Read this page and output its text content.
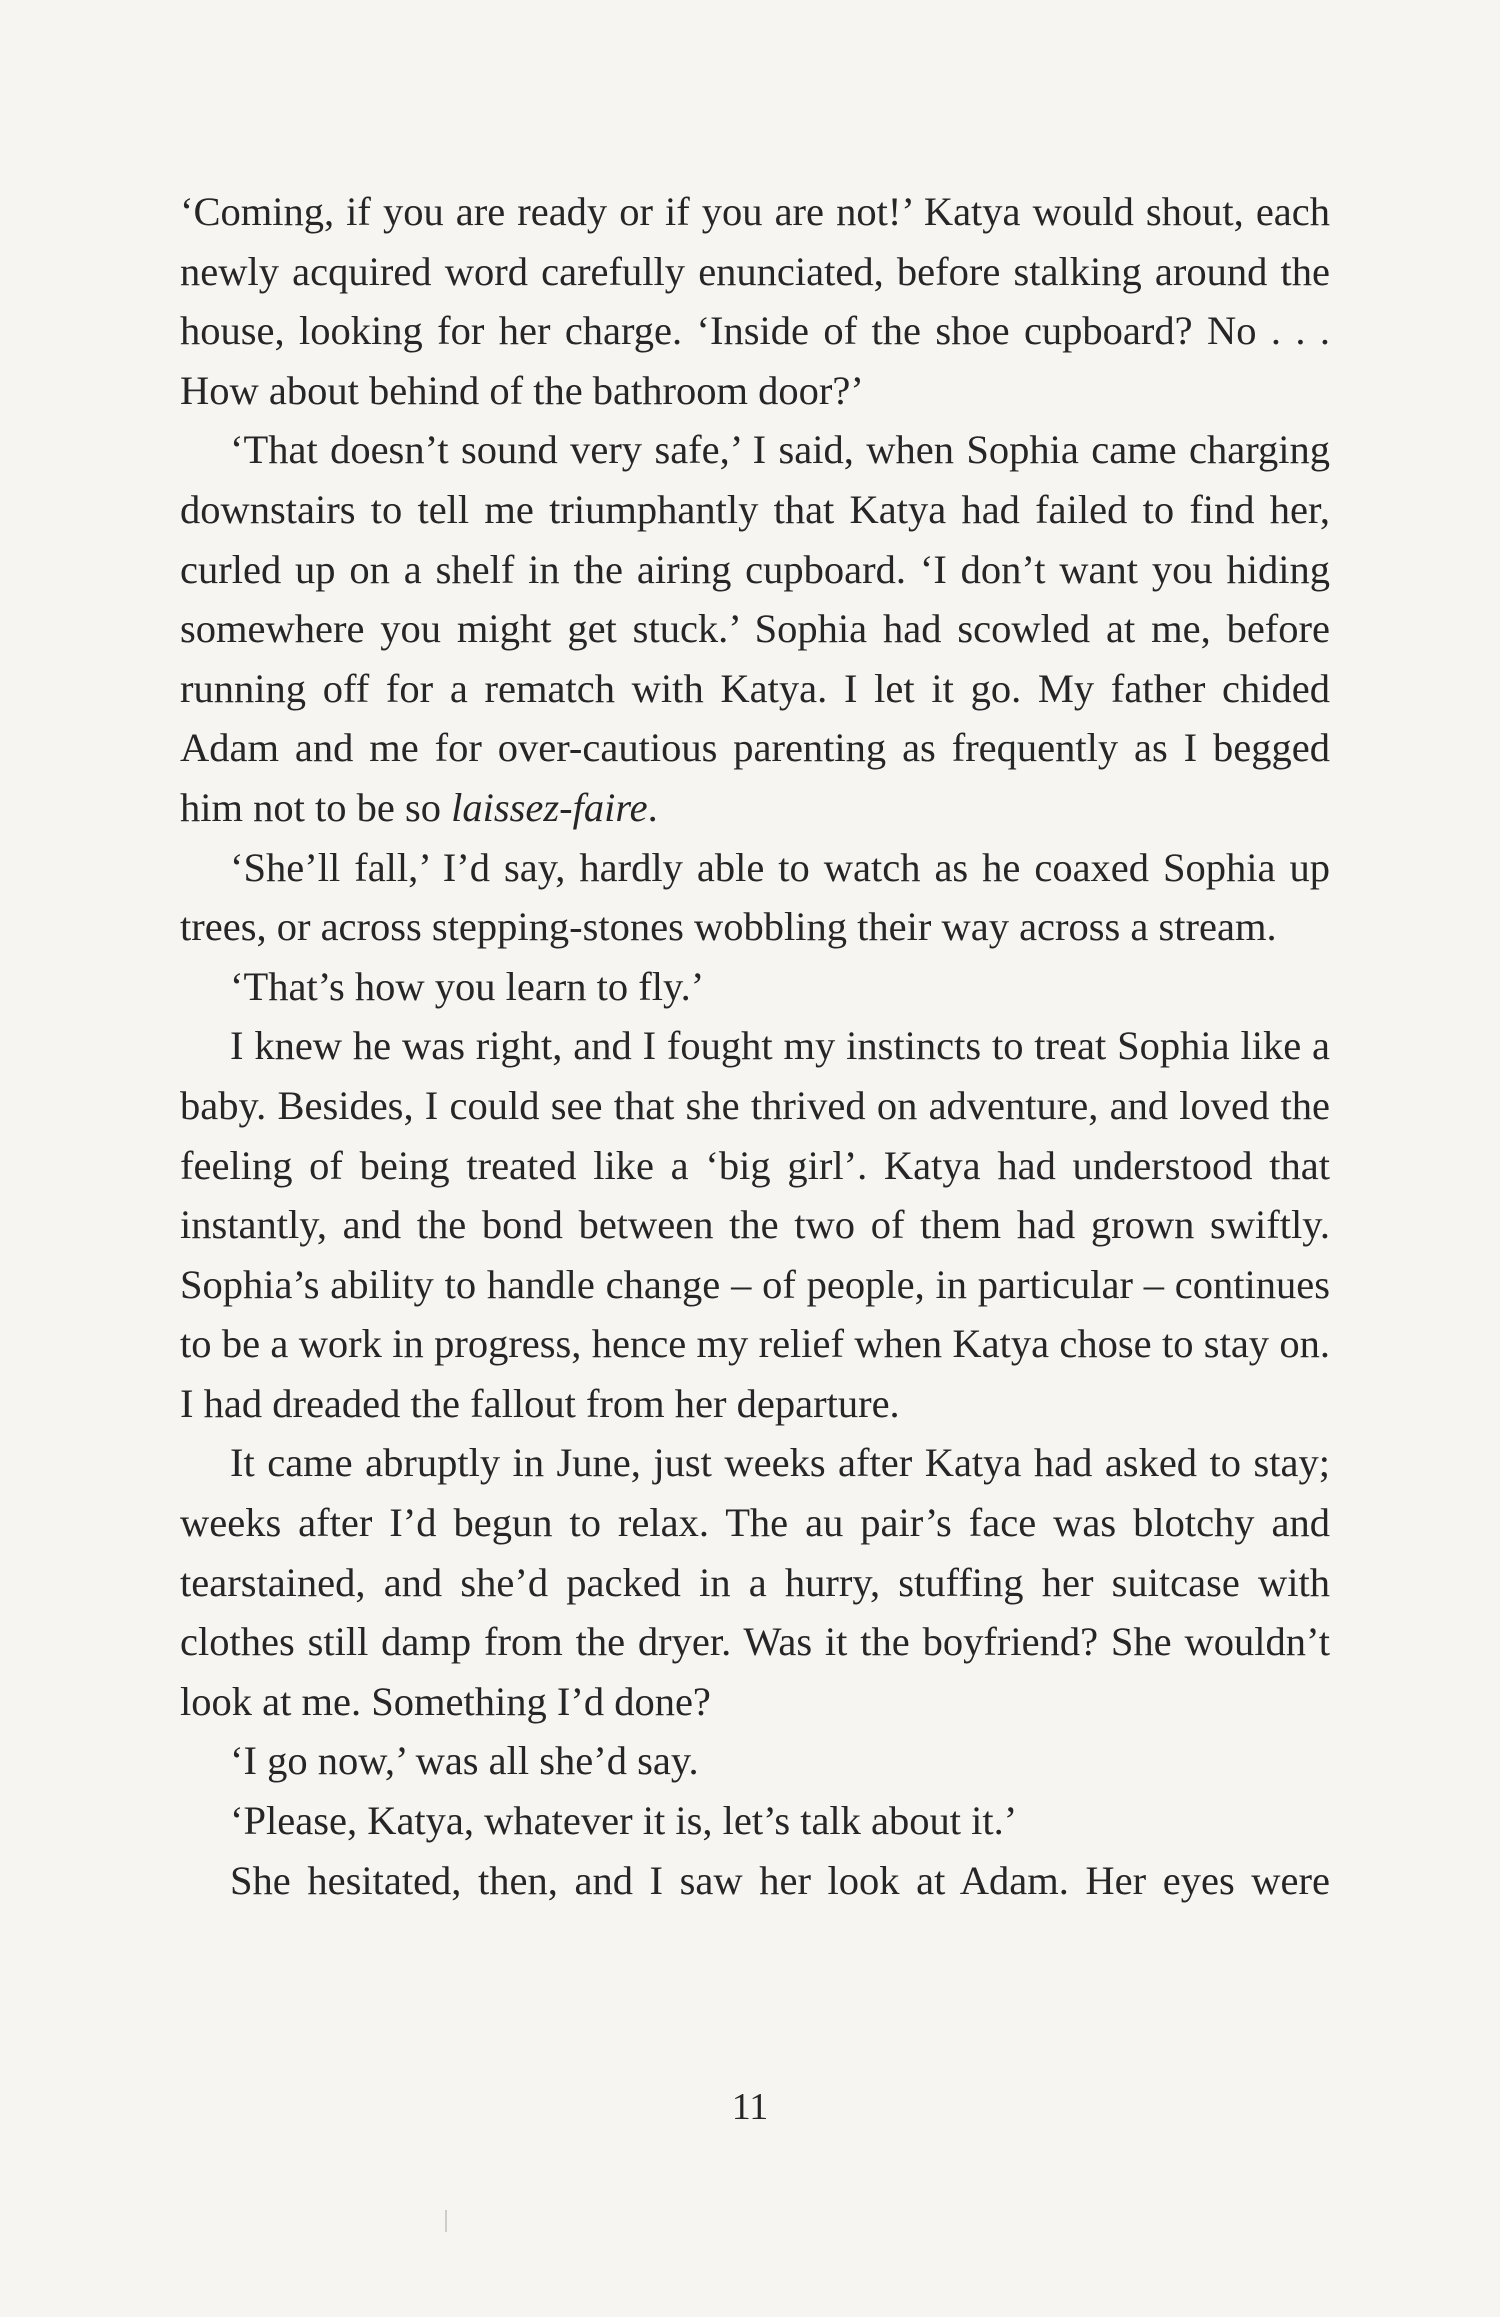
‘Coming, if you are ready or if you are not!’ Katya would shout, each newly acquired word carefully enunciated, before stalking around the house, looking for her charge. ‘Inside of the shoe cupboard? No . . . How about behind of the bathroom door?’

‘That doesn’t sound very safe,’ I said, when Sophia came charging downstairs to tell me triumphantly that Katya had failed to find her, curled up on a shelf in the airing cupboard. ‘I don’t want you hiding somewhere you might get stuck.’ Sophia had scowled at me, before running off for a rematch with Katya. I let it go. My father chided Adam and me for over-cautious parenting as frequently as I begged him not to be so laissez-faire.

‘She’ll fall,’ I’d say, hardly able to watch as he coaxed Sophia up trees, or across stepping-stones wobbling their way across a stream.

‘That’s how you learn to fly.’

I knew he was right, and I fought my instincts to treat Sophia like a baby. Besides, I could see that she thrived on adventure, and loved the feeling of being treated like a ‘big girl’. Katya had understood that instantly, and the bond between the two of them had grown swiftly. Sophia’s ability to handle change – of people, in particular – continues to be a work in progress, hence my relief when Katya chose to stay on. I had dreaded the fallout from her departure.

It came abruptly in June, just weeks after Katya had asked to stay; weeks after I’d begun to relax. The au pair’s face was blotchy and tearstained, and she’d packed in a hurry, stuffing her suitcase with clothes still damp from the dryer. Was it the boyfriend? She wouldn’t look at me. Something I’d done?

‘I go now,’ was all she’d say.

‘Please, Katya, whatever it is, let’s talk about it.’

She hesitated, then, and I saw her look at Adam. Her eyes were

11
